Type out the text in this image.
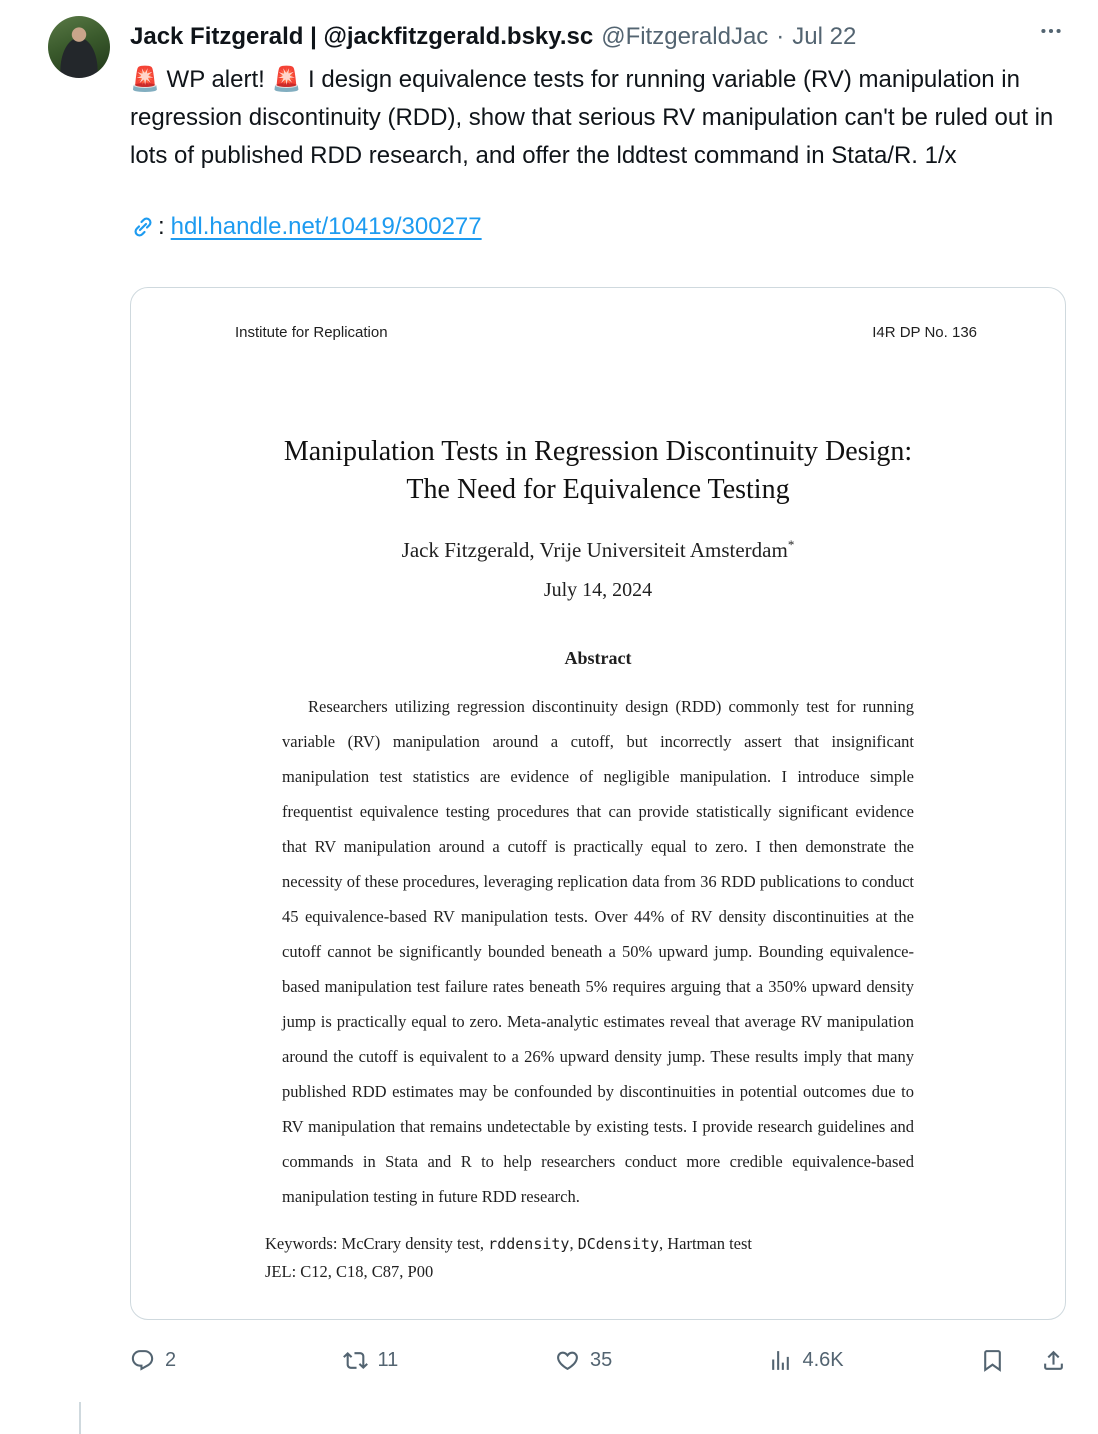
Jack Fitzgerald | @jackfitzgerald.bsky.sc @FitzgeraldJac · Jul 22
🚨 WP alert! 🚨 I design equivalence tests for running variable (RV) manipulation in regression discontinuity (RDD), show that serious RV manipulation can't be ruled out in lots of published RDD research, and offer the lddtest command in Stata/R. 1/x
: hdl.handle.net/10419/300277
Institute for Replication	I4R DP No. 136
Manipulation Tests in Regression Discontinuity Design:
The Need for Equivalence Testing
Jack Fitzgerald, Vrije Universiteit Amsterdam*
July 14, 2024
Abstract
Researchers utilizing regression discontinuity design (RDD) commonly test for running variable (RV) manipulation around a cutoff, but incorrectly assert that insignificant manipulation test statistics are evidence of negligible manipulation. I introduce simple frequentist equivalence testing procedures that can provide statistically significant evidence that RV manipulation around a cutoff is practically equal to zero. I then demonstrate the necessity of these procedures, leveraging replication data from 36 RDD publications to conduct 45 equivalence-based RV manipulation tests. Over 44% of RV density discontinuities at the cutoff cannot be significantly bounded beneath a 50% upward jump. Bounding equivalence-based manipulation test failure rates beneath 5% requires arguing that a 350% upward density jump is practically equal to zero. Meta-analytic estimates reveal that average RV manipulation around the cutoff is equivalent to a 26% upward density jump. These results imply that many published RDD estimates may be confounded by discontinuities in potential outcomes due to RV manipulation that remains undetectable by existing tests. I provide research guidelines and commands in Stata and R to help researchers conduct more credible equivalence-based manipulation testing in future RDD research.
Keywords: McCrary density test, rddensity, DCdensity, Hartman test
JEL: C12, C18, C87, P00
2	11	35	4.6K
